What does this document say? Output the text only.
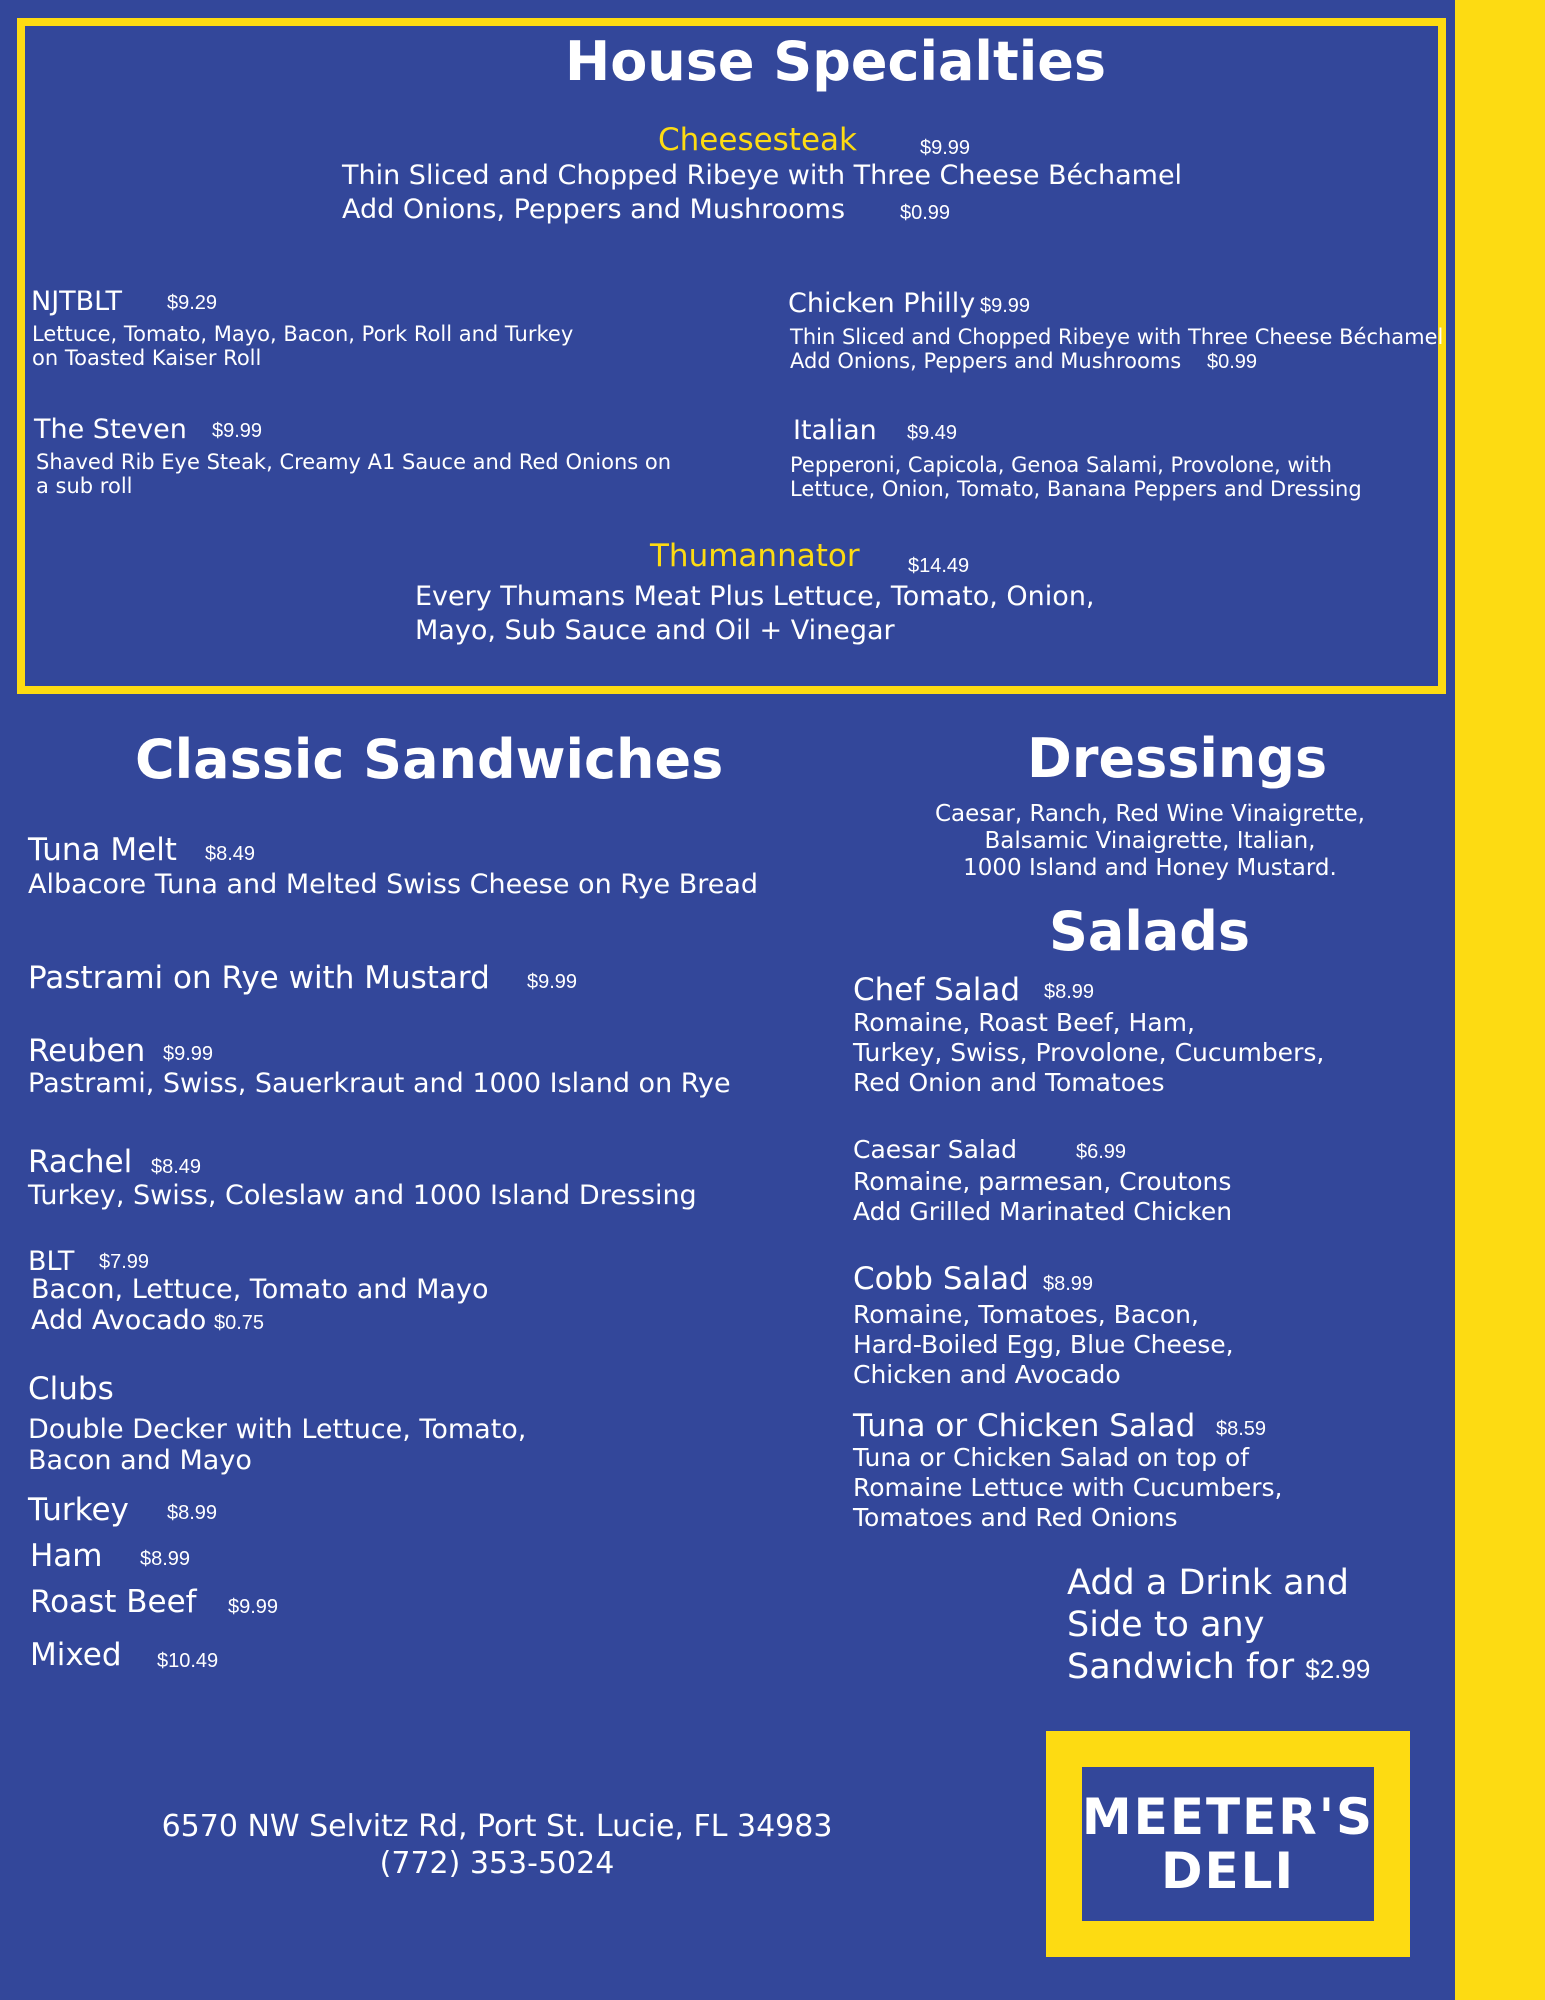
House Specialties
Cheesesteak	$9.99
Thin Sliced and Chopped Ribeye with Three Cheese Béchamel
Add Onions, Peppers and Mushrooms	$0.99
NJTBLT $9.29
Lettuce, Tomato, Mayo, Bacon, Pork Roll and Turkey
on Toasted Kaiser Roll
Chicken Philly $9.99
Thin Sliced and Chopped Ribeye with Three Cheese Béchamel
Add Onions, Peppers and Mushrooms $0.99
The Steven $9.99
Shaved Rib Eye Steak, Creamy A1 Sauce and Red Onions on
a sub roll
Italian $9.49
Pepperoni, Capicola, Genoa Salami, Provolone, with
Lettuce, Onion, Tomato, Banana Peppers and Dressing
Thumannator $14.49
Every Thumans Meat Plus Lettuce, Tomato, Onion,
Mayo, Sub Sauce and Oil + Vinegar
Classic Sandwiches
Tuna Melt $8.49
Albacore Tuna and Melted Swiss Cheese on Rye Bread
Pastrami on Rye with Mustard $9.99
Reuben $9.99
Pastrami, Swiss, Sauerkraut and 1000 Island on Rye
Rachel $8.49
Turkey, Swiss, Coleslaw and 1000 Island Dressing
BLT $7.99
Bacon, Lettuce, Tomato and Mayo
Add Avocado $0.75
Clubs
Double Decker with Lettuce, Tomato,
Bacon and Mayo
Turkey $8.99
Ham $8.99
Roast Beef $9.99
Mixed $10.49
Dressings
Caesar, Ranch, Red Wine Vinaigrette,
Balsamic Vinaigrette, Italian,
1000 Island and Honey Mustard.
Salads
Chef Salad $8.99
Romaine, Roast Beef, Ham,
Turkey, Swiss, Provolone, Cucumbers,
Red Onion and Tomatoes
Caesar Salad	$6.99
Romaine, parmesan, Croutons
Add Grilled Marinated Chicken
Cobb Salad $8.99
Romaine, Tomatoes, Bacon,
Hard-Boiled Egg, Blue Cheese,
Chicken and Avocado
Tuna or Chicken Salad $8.59
Tuna or Chicken Salad on top of
Romaine Lettuce with Cucumbers,
Tomatoes and Red Onions
Add a Drink and
Side to any
Sandwich for $2.99
6570 NW Selvitz Rd, Port St. Lucie, FL 34983
(772) 353-5024
MEETER'S
DELI
